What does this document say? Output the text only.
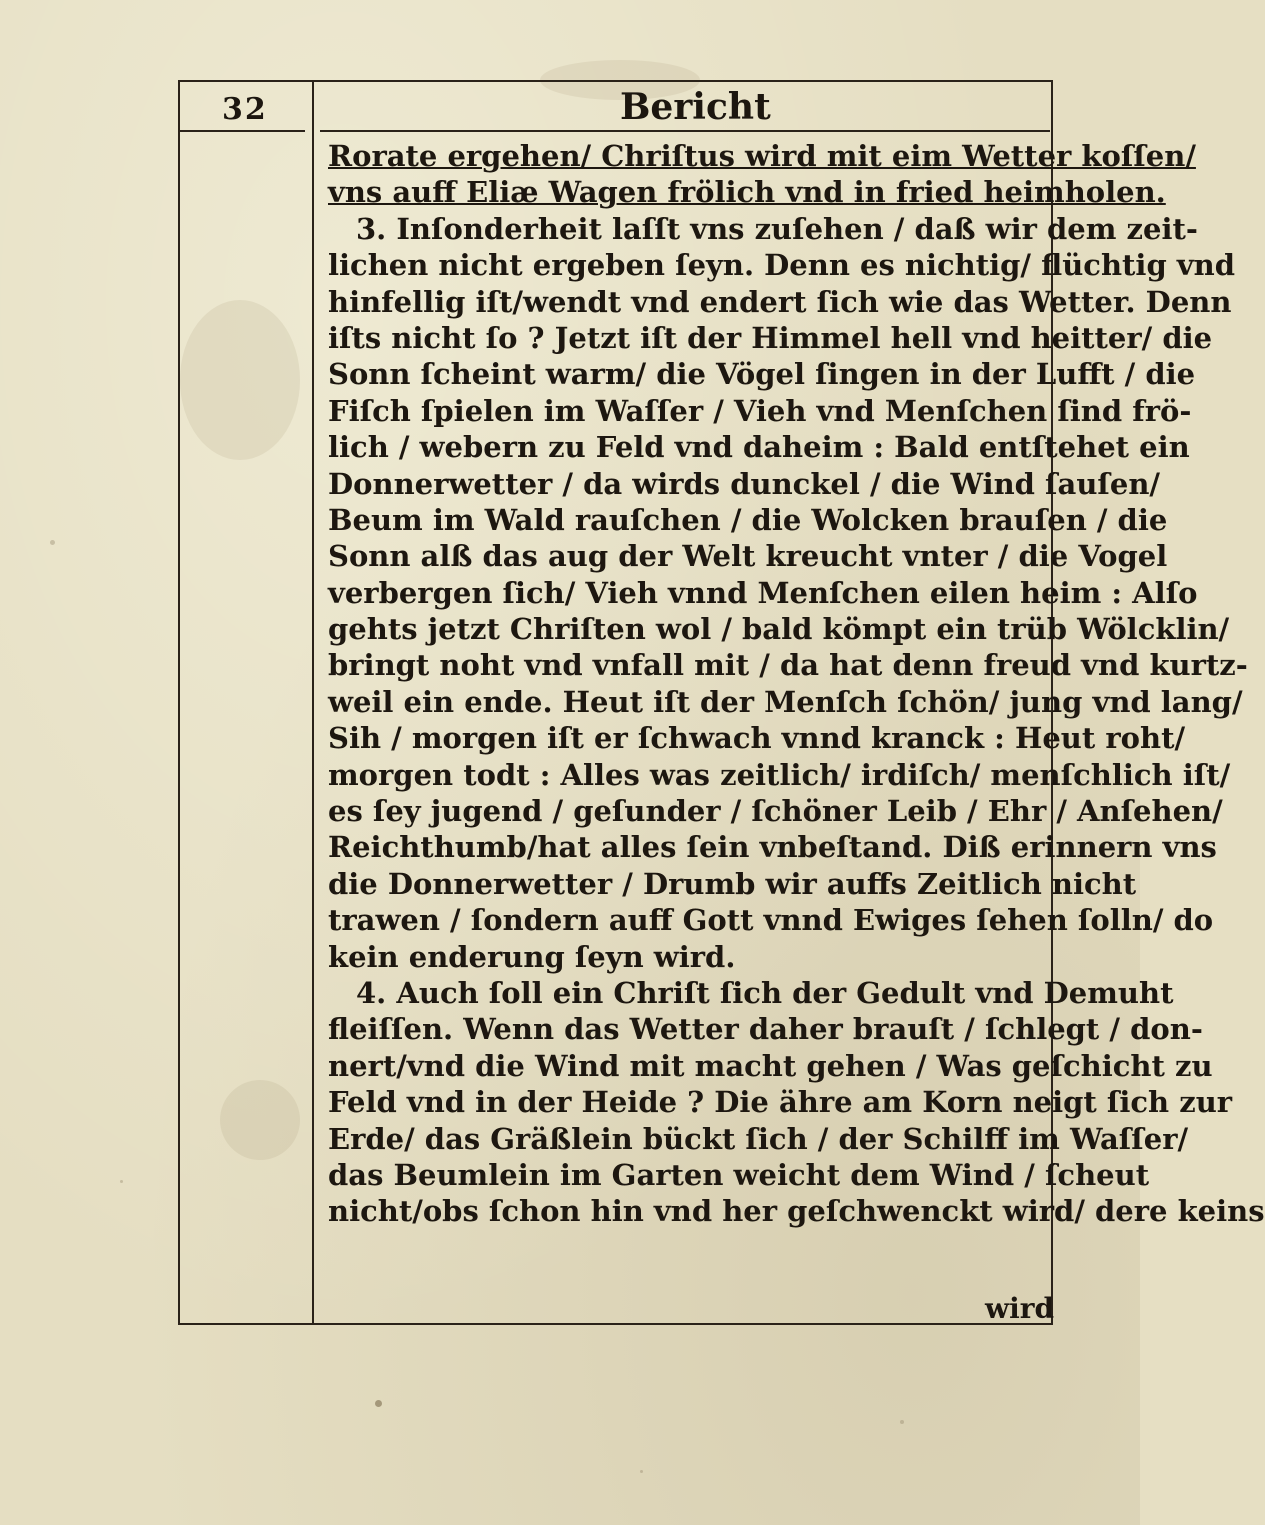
32	Bericht
Rorate ergehen/ Chriſtus wird mit eim Wetter koſſen/
vns auff Eliæ Wagen frölich vnd in fried heimholen.
3. Inſonderheit laſſt vns zuſehen / daß wir dem zeit-
lichen nicht ergeben ſeyn. Denn es nichtig/ flüchtig vnd
hinfellig iſt/wendt vnd endert ſich wie das Wetter. Denn
iſts nicht ſo ? Jetzt iſt der Himmel hell vnd heitter/ die
Sonn ſcheint warm/ die Vögel ſingen in der Lufft / die
Fiſch ſpielen im Waſſer / Vieh vnd Menſchen ſind frö-
lich / webern zu Feld vnd daheim : Bald entſtehet ein
Donnerwetter / da wirds dunckel / die Wind ſauſen/
Beum im Wald rauſchen / die Wolcken brauſen / die
Sonn alß das aug der Welt kreucht vnter / die Vogel
verbergen ſich/ Vieh vnnd Menſchen eilen heim : Alſo
gehts jetzt Chriſten wol / bald kömpt ein trüb Wölcklin/
bringt noht vnd vnfall mit / da hat denn freud vnd kurtz-
weil ein ende. Heut iſt der Menſch ſchön/ jung vnd lang/
Sih / morgen iſt er ſchwach vnnd kranck : Heut roht/
morgen todt : Alles was zeitlich/ irdiſch/ menſchlich iſt/
es ſey jugend / geſunder / ſchöner Leib / Ehr / Anſehen/
Reichthumb/hat alles ſein vnbeſtand. Diß erinnern vns
die Donnerwetter / Drumb wir auffs Zeitlich nicht
trawen / ſondern auff Gott vnnd Ewiges ſehen ſolln/ do
kein enderung ſeyn wird.
4. Auch ſoll ein Chriſt ſich der Gedult vnd Demuht
fleiſſen. Wenn das Wetter daher brauſt / ſchlegt / don-
nert/vnd die Wind mit macht gehen / Was geſchicht zu
Feld vnd in der Heide ? Die ähre am Korn neigt ſich zur
Erde/ das Gräßlein bückt ſich / der Schilff im Waſſer/
das Beumlein im Garten weicht dem Wind / ſcheut
nicht/obs ſchon hin vnd her geſchwenckt wird/ dere keins
wird
